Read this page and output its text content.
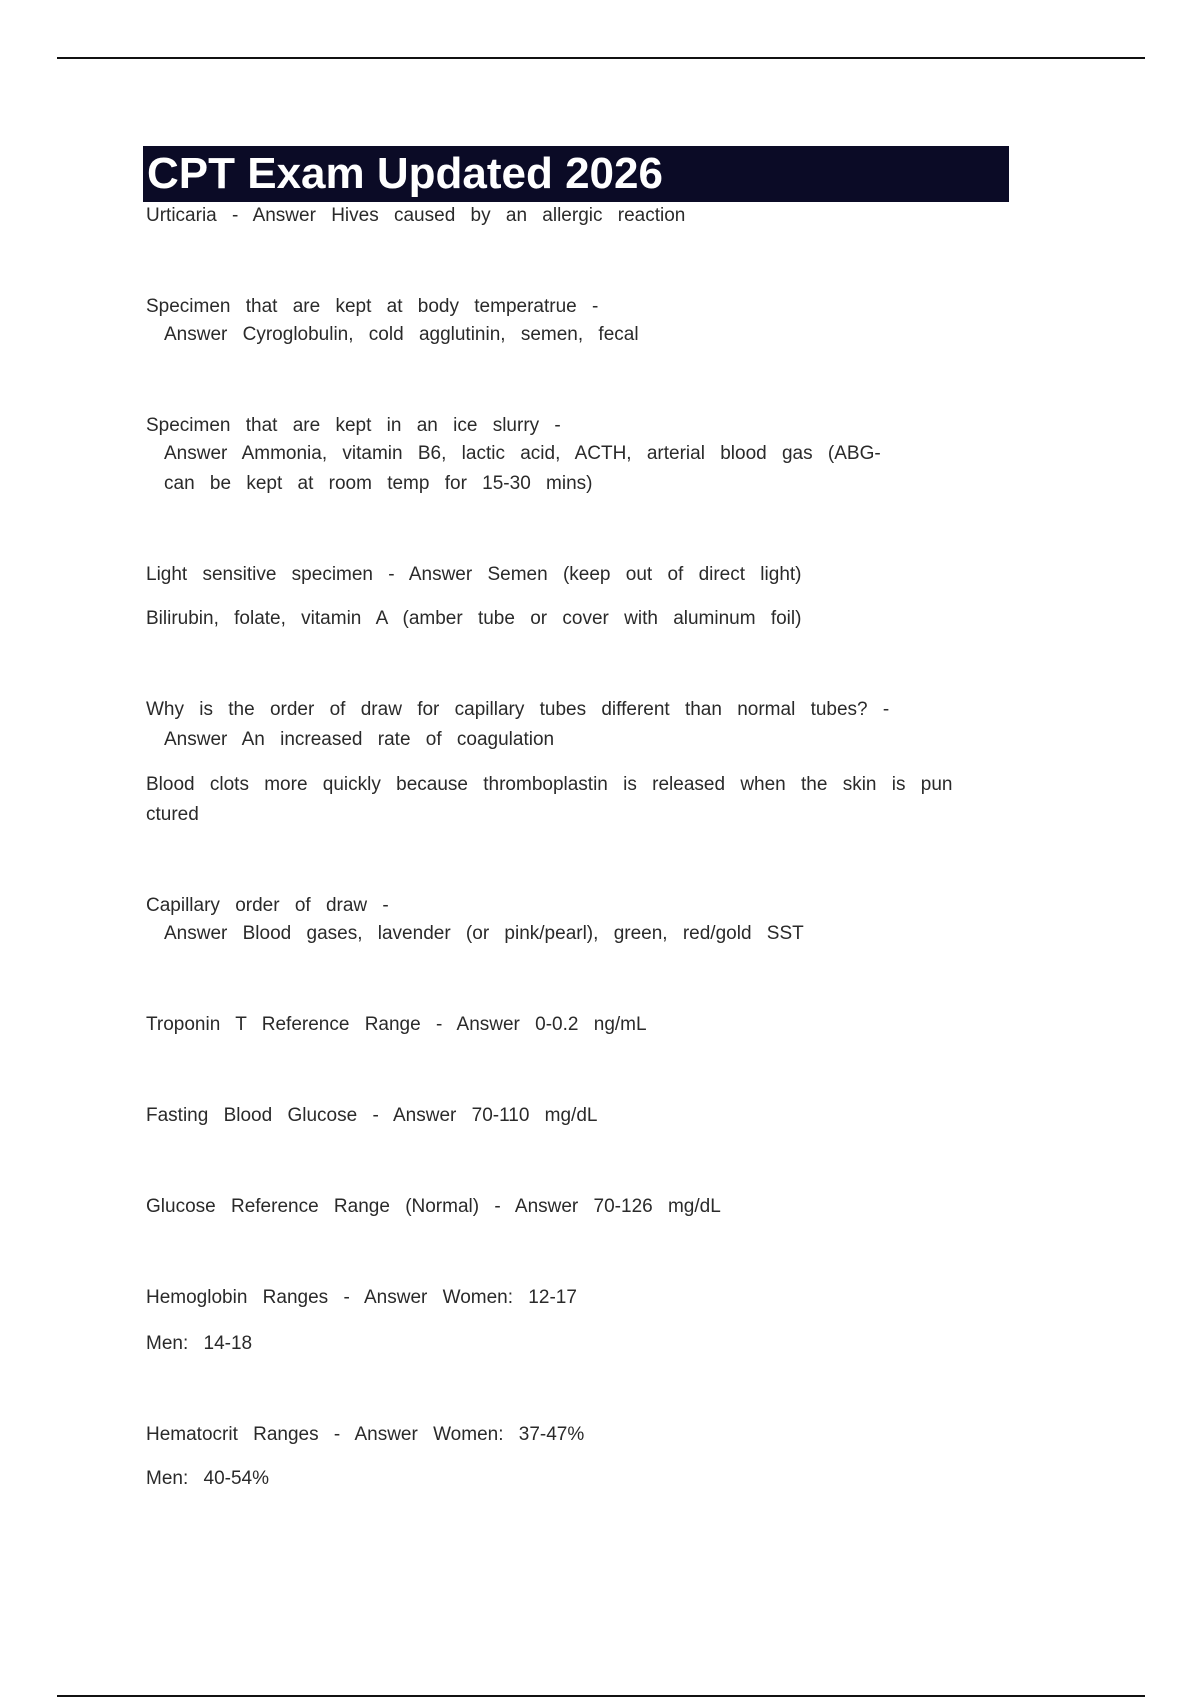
CPT Exam Updated 2026
Urticaria - Answer Hives caused by an allergic reaction
Specimen that are kept at body temperatrue -
Answer Cyroglobulin, cold agglutinin, semen, fecal
Specimen that are kept in an ice slurry -
Answer Ammonia, vitamin B6, lactic acid, ACTH, arterial blood gas (ABG-
can be kept at room temp for 15-30 mins)
Light sensitive specimen - Answer Semen (keep out of direct light)
Bilirubin, folate, vitamin A (amber tube or cover with aluminum foil)
Why is the order of draw for capillary tubes different than normal tubes? -
Answer An increased rate of coagulation
Blood clots more quickly because thromboplastin is released when the skin is pun
ctured
Capillary order of draw -
Answer Blood gases, lavender (or pink/pearl), green, red/gold SST
Troponin T Reference Range - Answer 0-0.2 ng/mL
Fasting Blood Glucose - Answer 70-110 mg/dL
Glucose Reference Range (Normal) - Answer 70-126 mg/dL
Hemoglobin Ranges - Answer Women: 12-17
Men: 14-18
Hematocrit Ranges - Answer Women: 37-47%
Men: 40-54%
